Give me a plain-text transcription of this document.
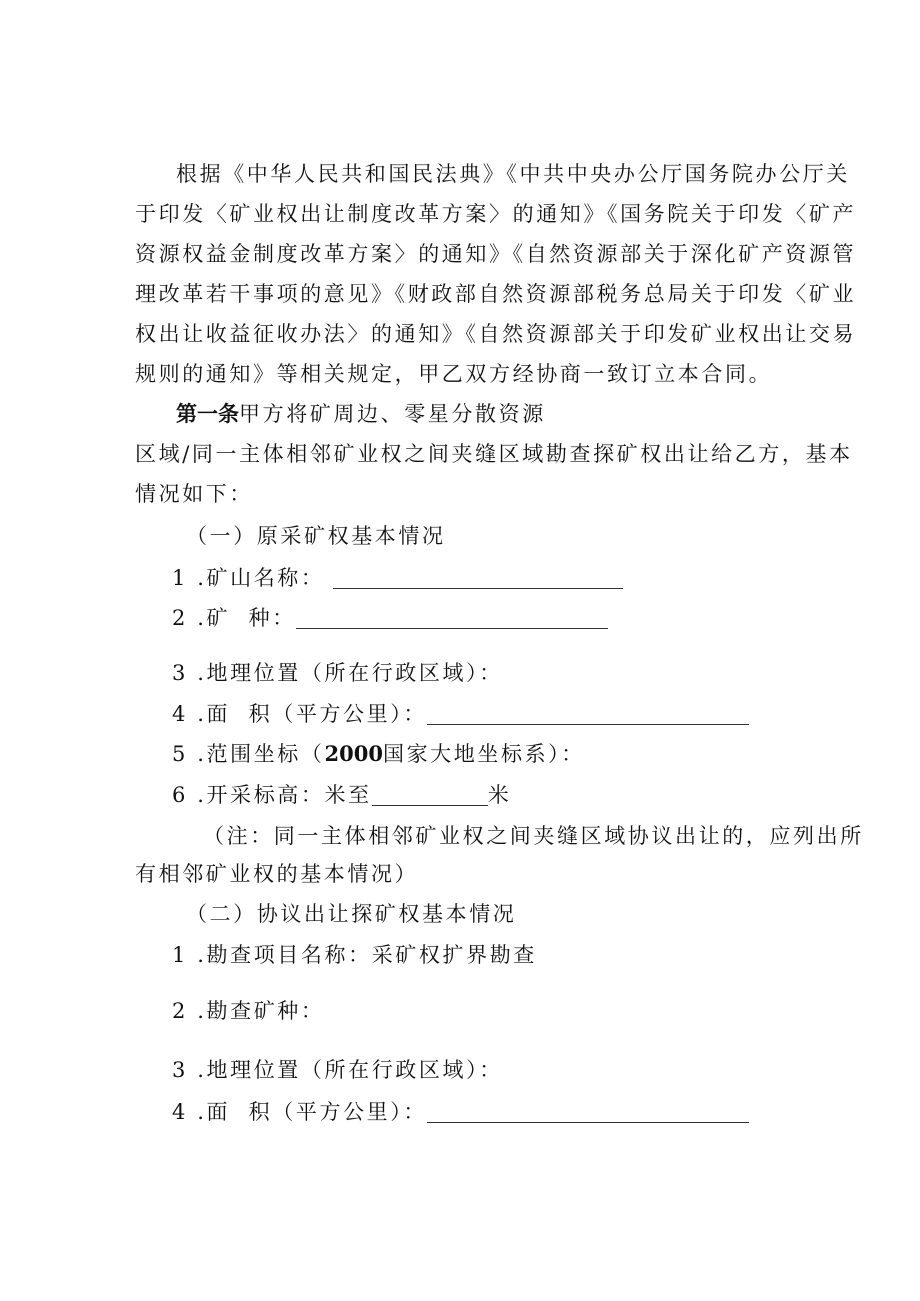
根据《中华人民共和国民法典》《中共中央办公厅国务院办公厅关
于印发〈矿业权出让制度改革方案〉的通知》《国务院关于印发〈矿产
资源权益金制度改革方案〉的通知》《自然资源部关于深化矿产资源管
理改革若干事项的意见》《财政部自然资源部税务总局关于印发〈矿业
权出让收益征收办法〉的通知》《自然资源部关于印发矿业权出让交易
规则的通知》等相关规定，甲乙双方经协商一致订立本合同。
第一条甲方将矿周边、零星分散资源
区域/同一主体相邻矿业权之间夹缝区域勘查探矿权出让给乙方，基本
情况如下：
（一）原采矿权基本情况
1 .矿山名称：
2 .矿  种：
3 .地理位置（所在行政区域）：
4 .面  积（平方公里）：
5 .范围坐标（2000国家大地坐标系）：
6 .开采标高：米至	米
（注：同一主体相邻矿业权之间夹缝区域协议出让的，应列出所
有相邻矿业权的基本情况）
（二）协议出让探矿权基本情况
1 .勘查项目名称：采矿权扩界勘查
2 .勘查矿种：
3 .地理位置（所在行政区域）：
4 .面  积（平方公里）：
